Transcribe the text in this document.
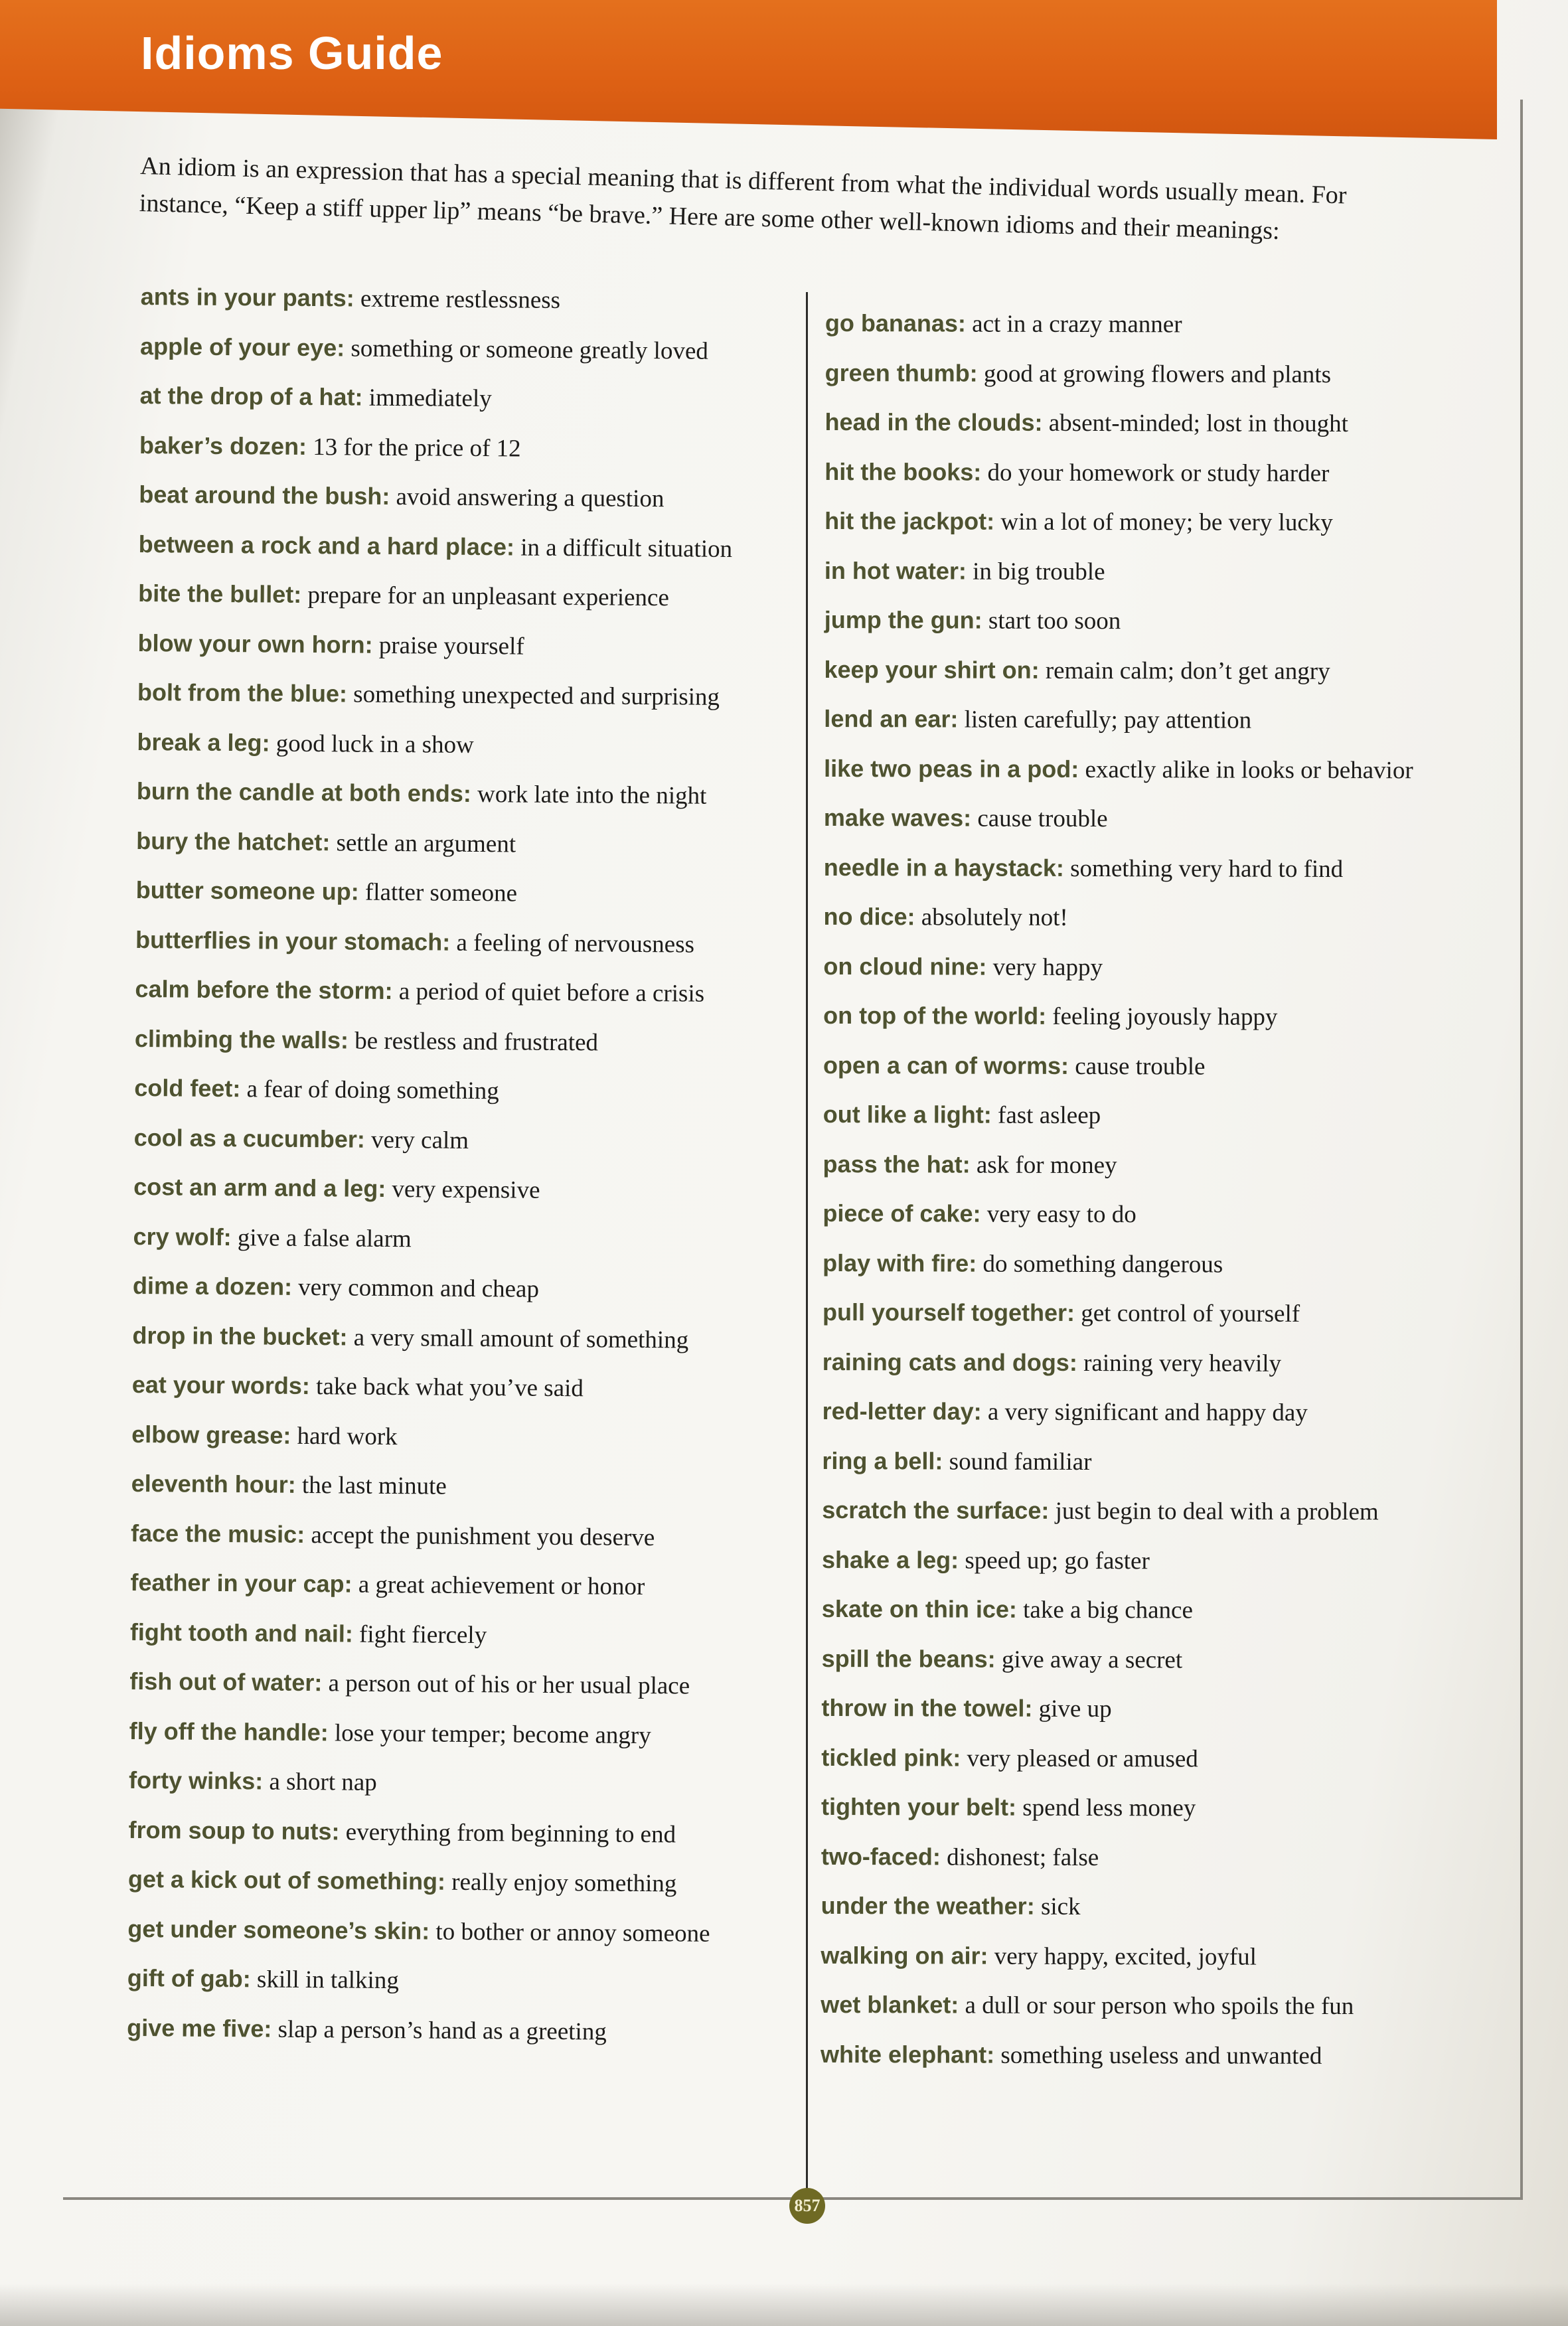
Idioms Guide

An idiom is an expression that has a special meaning that is different from what the individual words usually mean. For instance, “Keep a stiff upper lip” means “be brave.” Here are some other well-known idioms and their meanings:

ants in your pants: extreme restlessness
apple of your eye: something or someone greatly loved
at the drop of a hat: immediately
baker’s dozen: 13 for the price of 12
beat around the bush: avoid answering a question
between a rock and a hard place: in a difficult situation
bite the bullet: prepare for an unpleasant experience
blow your own horn: praise yourself
bolt from the blue: something unexpected and surprising
break a leg: good luck in a show
burn the candle at both ends: work late into the night
bury the hatchet: settle an argument
butter someone up: flatter someone
butterflies in your stomach: a feeling of nervousness
calm before the storm: a period of quiet before a crisis
climbing the walls: be restless and frustrated
cold feet: a fear of doing something
cool as a cucumber: very calm
cost an arm and a leg: very expensive
cry wolf: give a false alarm
dime a dozen: very common and cheap
drop in the bucket: a very small amount of something
eat your words: take back what you’ve said
elbow grease: hard work
eleventh hour: the last minute
face the music: accept the punishment you deserve
feather in your cap: a great achievement or honor
fight tooth and nail: fight fiercely
fish out of water: a person out of his or her usual place
fly off the handle: lose your temper; become angry
forty winks: a short nap
from soup to nuts: everything from beginning to end
get a kick out of something: really enjoy something
get under someone’s skin: to bother or annoy someone
gift of gab: skill in talking
give me five: slap a person’s hand as a greeting
go bananas: act in a crazy manner
green thumb: good at growing flowers and plants
head in the clouds: absent-minded; lost in thought
hit the books: do your homework or study harder
hit the jackpot: win a lot of money; be very lucky
in hot water: in big trouble
jump the gun: start too soon
keep your shirt on: remain calm; don’t get angry
lend an ear: listen carefully; pay attention
like two peas in a pod: exactly alike in looks or behavior
make waves: cause trouble
needle in a haystack: something very hard to find
no dice: absolutely not!
on cloud nine: very happy
on top of the world: feeling joyously happy
open a can of worms: cause trouble
out like a light: fast asleep
pass the hat: ask for money
piece of cake: very easy to do
play with fire: do something dangerous
pull yourself together: get control of yourself
raining cats and dogs: raining very heavily
red-letter day: a very significant and happy day
ring a bell: sound familiar
scratch the surface: just begin to deal with a problem
shake a leg: speed up; go faster
skate on thin ice: take a big chance
spill the beans: give away a secret
throw in the towel: give up
tickled pink: very pleased or amused
tighten your belt: spend less money
two-faced: dishonest; false
under the weather: sick
walking on air: very happy, excited, joyful
wet blanket: a dull or sour person who spoils the fun
white elephant: something useless and unwanted
857
